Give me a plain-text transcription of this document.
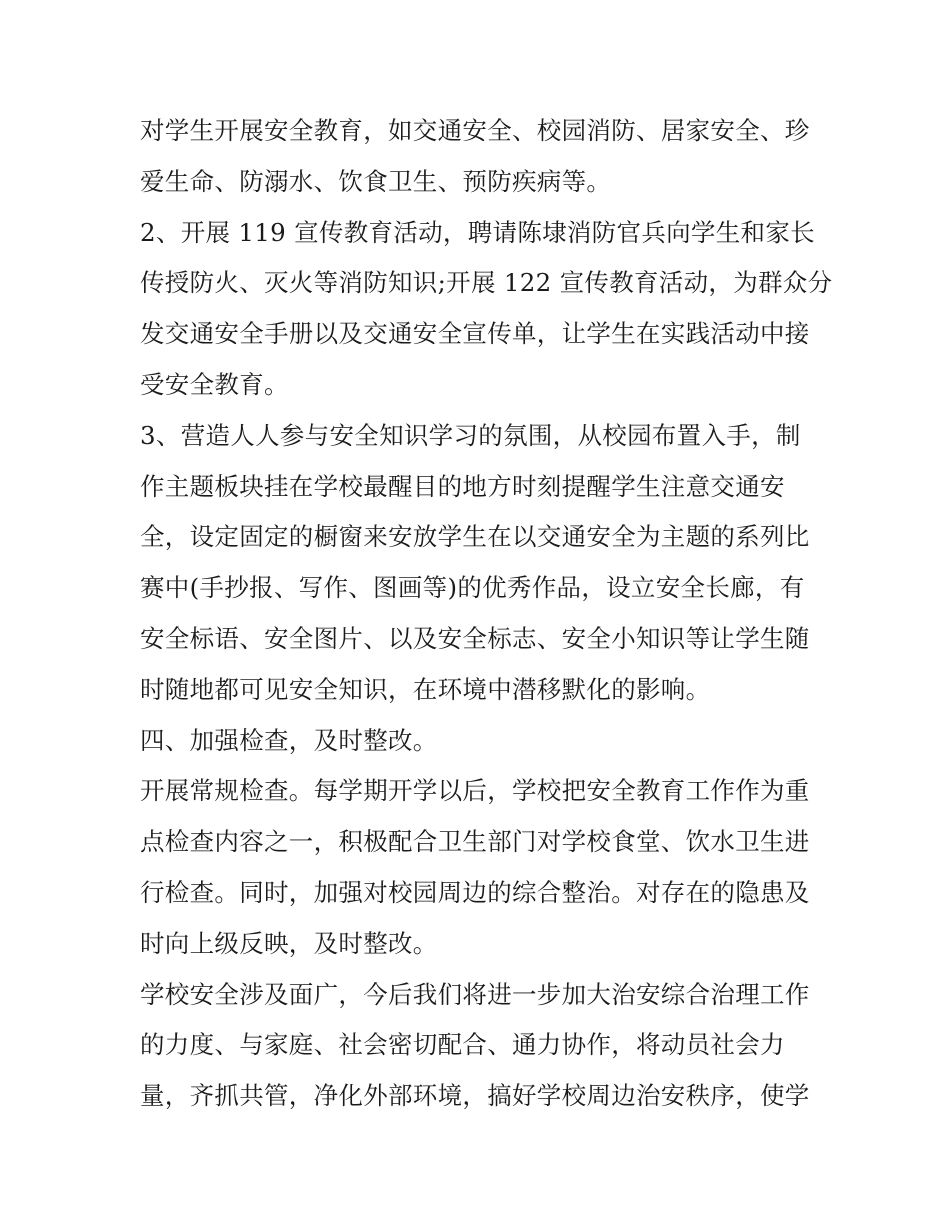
对学生开展安全教育，如交通安全、校园消防、居家安全、珍
爱生命、防溺水、饮食卫生、预防疾病等。
2、开展 119 宣传教育活动，聘请陈埭消防官兵向学生和家长
传授防火、灭火等消防知识;开展 122 宣传教育活动，为群众分
发交通安全手册以及交通安全宣传单，让学生在实践活动中接
受安全教育。
3、营造人人参与安全知识学习的氛围，从校园布置入手，制
作主题板块挂在学校最醒目的地方时刻提醒学生注意交通安
全，设定固定的橱窗来安放学生在以交通安全为主题的系列比
赛中(手抄报、写作、图画等)的优秀作品，设立安全长廊，有
安全标语、安全图片、以及安全标志、安全小知识等让学生随
时随地都可见安全知识，在环境中潜移默化的影响。
四、加强检查，及时整改。
开展常规检查。每学期开学以后，学校把安全教育工作作为重
点检查内容之一，积极配合卫生部门对学校食堂、饮水卫生进
行检查。同时，加强对校园周边的综合整治。对存在的隐患及
时向上级反映，及时整改。
学校安全涉及面广，今后我们将进一步加大治安综合治理工作
的力度、与家庭、社会密切配合、通力协作，将动员社会力
量，齐抓共管，净化外部环境，搞好学校周边治安秩序，使学
